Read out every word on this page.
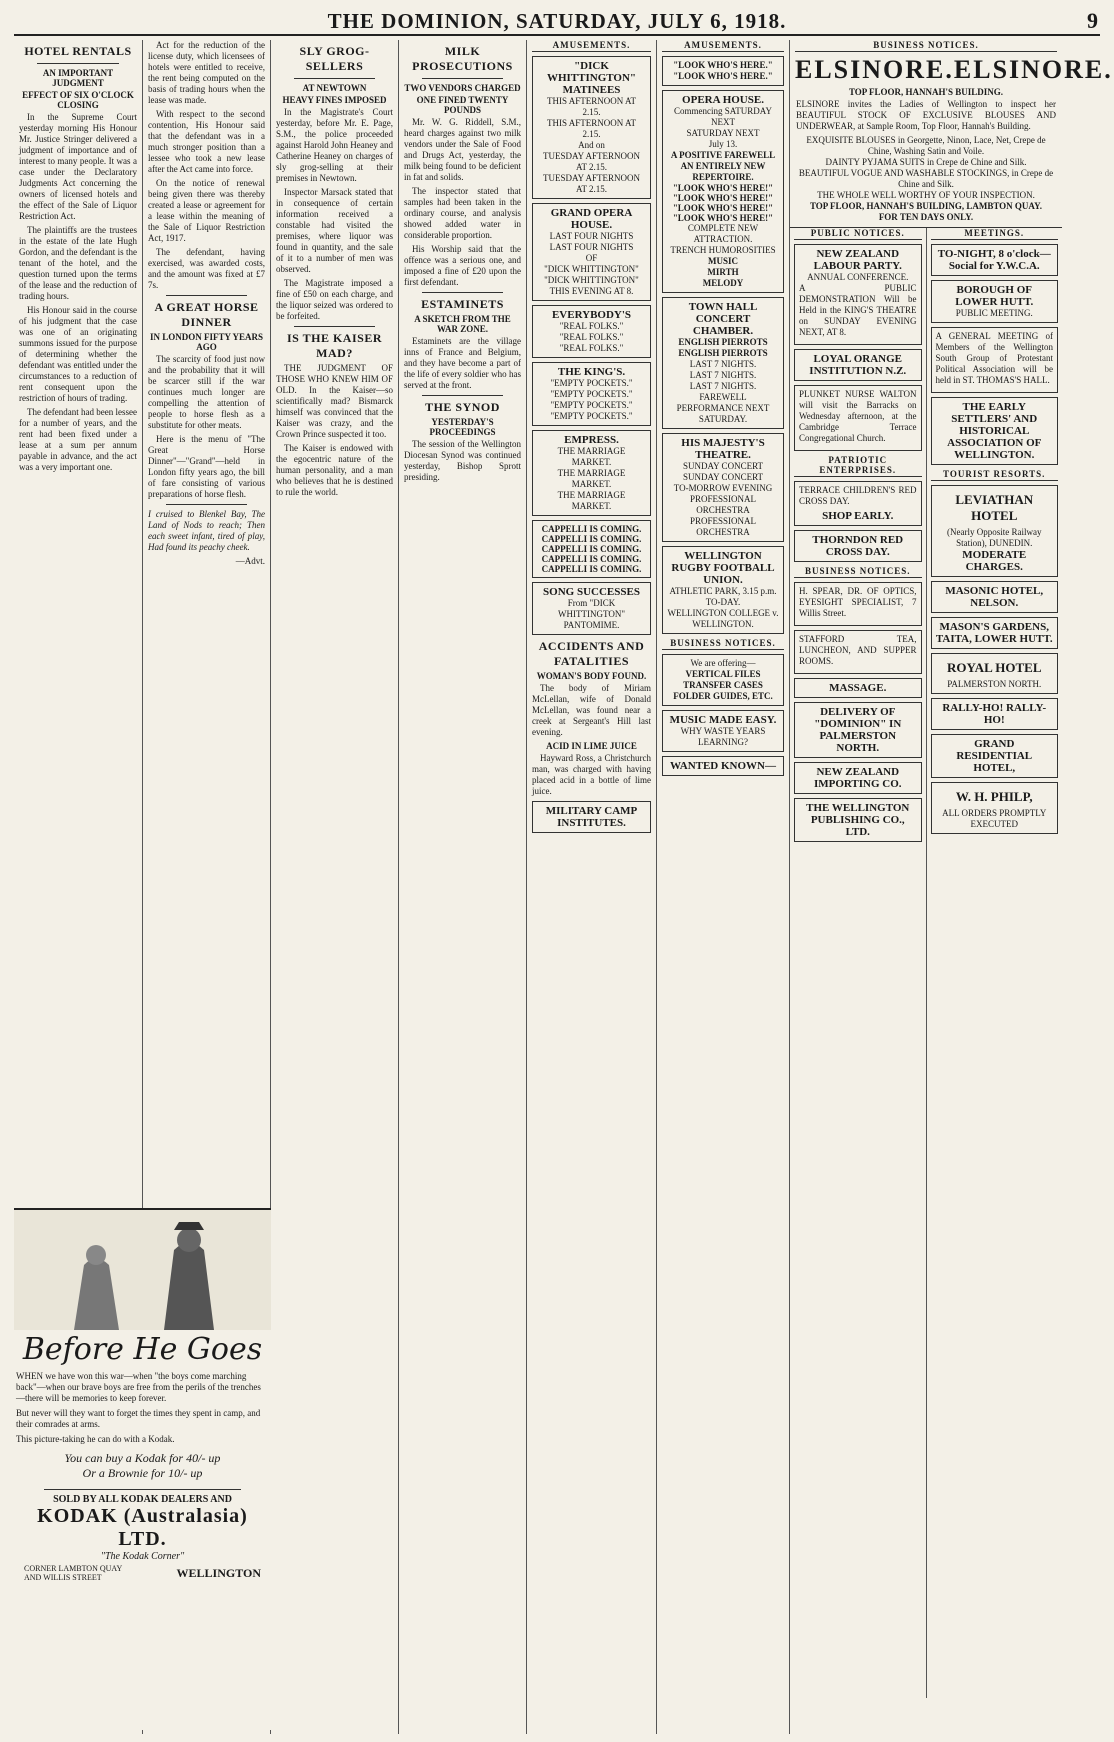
THE DOMINION, SATURDAY, JULY 6, 1918.	9
HOTEL RENTALS
AN IMPORTANT JUDGMENT
EFFECT OF SIX O'CLOCK CLOSING

In the Supreme Court yesterday morning His Honour Mr. Justice Stringer delivered a judgment of importance and of interest to many people. It was a case under the Declaratory Judgments Act concerning the owners of licensed hotels and the effect of the Sale of Liquor Restriction Act.

The plaintiffs are the trustees in the estate of the late Hugh Gordon, and the defendant is the tenant of the hotel, and the question turned upon the terms of the lease and the reduction of trading hours.

His Honour said in the course of his judgment that the case was one of an originating summons issued for the purpose of determining whether the defendant was entitled under the circumstances to a reduction of rent consequent upon the restriction of hours of trading.

The defendant had been lessee for a number of years, and the rent had been fixed under a lease at a sum per annum payable in advance, and the act was a very important one.

Act for the reduction of the license duty, which licensees of hotels were entitled to receive, the rent being computed on the basis of trading hours when the lease was made.

With respect to the second contention, His Honour said that the defendant was in a much stronger position than a lessee who took a new lease after the Act came into force.

On the notice of renewal being given there was thereby created a lease or agreement for a lease within the meaning of the Sale of Liquor Restriction Act, 1917.

The defendant, having exercised, was awarded costs, and the amount was fixed at £7 7s.

A GREAT HORSE DINNER
IN LONDON FIFTY YEARS AGO

The scarcity of food just now and the probability that it will be scarcer still if the war continues much longer are compelling the attention of people to horse flesh as a substitute for other meats.

Here is the menu of "The Great Horse Dinner"—"Grand"—held in London fifty years ago, the bill of fare consisting of various preparations of horse flesh.

I cruised to Blenkel Bay, The Land of Nods to reach; Then each sweet infant, tired of play, Had found its peachy cheek.

—Advt.

SLY GROG-SELLERS
AT NEWTOWN
HEAVY FINES IMPOSED

In the Magistrate's Court yesterday, before Mr. E. Page, S.M., the police proceeded against Harold John Heaney and Catherine Heaney on charges of sly grog-selling at their premises in Newtown.

Inspector Marsack stated that in consequence of certain information received a constable had visited the premises, where liquor was found in quantity, and the sale of it to a number of men was observed.

The Magistrate imposed a fine of £50 on each charge, and the liquor seized was ordered to be forfeited.

IS THE KAISER MAD?

THE JUDGMENT OF THOSE WHO KNEW HIM OF OLD. In the Kaiser—so scientifically mad? Bismarck himself was convinced that the Kaiser was crazy, and the Crown Prince suspected it too.

The Kaiser is endowed with the egocentric nature of the human personality, and a man who believes that he is destined to rule the world.

MILK PROSECUTIONS
TWO VENDORS CHARGED
ONE FINED TWENTY POUNDS

Mr. W. G. Riddell, S.M., heard charges against two milk vendors under the Sale of Food and Drugs Act, yesterday, the milk being found to be deficient in fat and solids.

The inspector stated that samples had been taken in the ordinary course, and analysis showed added water in considerable proportion.

His Worship said that the offence was a serious one, and imposed a fine of £20 upon the first defendant.

ESTAMINETS
A SKETCH FROM THE WAR ZONE.

Estaminets are the village inns of France and Belgium, and they have become a part of the life of every soldier who has served at the front.

THE SYNOD
YESTERDAY'S PROCEEDINGS

The session of the Wellington Diocesan Synod was continued yesterday, Bishop Sprott presiding.

AMUSEMENTS.
"DICK WHITTINGTON" MATINEES
THIS AFTERNOON AT 2.15.
THIS AFTERNOON AT 2.15.
And on
TUESDAY AFTERNOON AT 2.15.
TUESDAY AFTERNOON AT 2.15.
GRAND OPERA HOUSE.
LAST FOUR NIGHTS
LAST FOUR NIGHTS
OF
"DICK WHITTINGTON"
"DICK WHITTINGTON"
THIS EVENING AT 8.
EVERYBODY'S
"REAL FOLKS."
"REAL FOLKS."
"REAL FOLKS."
THE KING'S.
"EMPTY POCKETS."
"EMPTY POCKETS."
"EMPTY POCKETS."
"EMPTY POCKETS."
EMPRESS.
THE MARRIAGE MARKET.
THE MARRIAGE MARKET.
THE MARRIAGE MARKET.
CAPPELLI IS COMING.
CAPPELLI IS COMING.
CAPPELLI IS COMING.
CAPPELLI IS COMING.
CAPPELLI IS COMING.
SONG SUCCESSES
From "DICK WHITTINGTON" PANTOMIME.
ACCIDENTS AND FATALITIES
WOMAN'S BODY FOUND.

The body of Miriam McLellan, wife of Donald McLellan, was found near a creek at Sergeant's Hill last evening.

ACID IN LIME JUICE

Hayward Ross, a Christchurch man, was charged with having placed acid in a bottle of lime juice.

MILITARY CAMP INSTITUTES.
AMUSEMENTS.
"LOOK WHO'S HERE."
"LOOK WHO'S HERE."
OPERA HOUSE.
Commencing SATURDAY NEXT
SATURDAY NEXT
July 13.
A POSITIVE FAREWELL
AN ENTIRELY NEW REPERTOIRE.
"LOOK WHO'S HERE!"
"LOOK WHO'S HERE!"
"LOOK WHO'S HERE!"
"LOOK WHO'S HERE!"
COMPLETE NEW ATTRACTION.
TRENCH HUMOROSITIES
MUSIC
MIRTH
MELODY
TOWN HALL CONCERT CHAMBER.
ENGLISH PIERROTS
ENGLISH PIERROTS
LAST 7 NIGHTS.
LAST 7 NIGHTS.
LAST 7 NIGHTS.
FAREWELL PERFORMANCE NEXT SATURDAY.
HIS MAJESTY'S THEATRE.
SUNDAY CONCERT
SUNDAY CONCERT
TO-MORROW EVENING
PROFESSIONAL ORCHESTRA
PROFESSIONAL ORCHESTRA
WELLINGTON RUGBY FOOTBALL UNION.
ATHLETIC PARK, 3.15 p.m. TO-DAY.
WELLINGTON COLLEGE v. WELLINGTON.
BUSINESS NOTICES.
We are offering—
VERTICAL FILES
TRANSFER CASES
FOLDER GUIDES, ETC.
MUSIC MADE EASY.
WHY WASTE YEARS LEARNING?
WANTED KNOWN—
BUSINESS NOTICES.
ELSINORE. ELSINORE.
TOP FLOOR, HANNAH'S BUILDING.

ELSINORE invites the Ladies of Wellington to inspect her BEAUTIFUL STOCK OF EXCLUSIVE BLOUSES AND UNDERWEAR, at Sample Room, Top Floor, Hannah's Building.

EXQUISITE BLOUSES in Georgette, Ninon, Lace, Net, Crepe de Chine, Washing Satin and Voile.
DAINTY PYJAMA SUITS in Crepe de Chine and Silk.
BEAUTIFUL VOGUE AND WASHABLE STOCKINGS, in Crepe de Chine and Silk.
THE WHOLE WELL WORTHY OF YOUR INSPECTION.
TOP FLOOR, HANNAH'S BUILDING, LAMBTON QUAY.
FOR TEN DAYS ONLY.
PUBLIC NOTICES.
NEW ZEALAND LABOUR PARTY.
ANNUAL CONFERENCE.

A PUBLIC DEMONSTRATION Will be Held in the KING'S THEATRE on SUNDAY EVENING NEXT, AT 8.

LOYAL ORANGE INSTITUTION N.Z.

PLUNKET NURSE WALTON will visit the Barracks on Wednesday afternoon, at the Cambridge Terrace Congregational Church.

PATRIOTIC ENTERPRISES.

TERRACE CHILDREN'S RED CROSS DAY.

SHOP EARLY.
THORNDON RED CROSS DAY.
BUSINESS NOTICES.

H. SPEAR, DR. OF OPTICS, EYESIGHT SPECIALIST, 7 Willis Street.

STAFFORD TEA, LUNCHEON, AND SUPPER ROOMS.

MASSAGE.
DELIVERY OF "DOMINION" IN PALMERSTON NORTH.
NEW ZEALAND IMPORTING CO.
THE WELLINGTON PUBLISHING CO., LTD.
MEETINGS.
TO-NIGHT, 8 o'clock—Social for Y.W.C.A.
BOROUGH OF LOWER HUTT.
PUBLIC MEETING.

A GENERAL MEETING of Members of the Wellington South Group of Protestant Political Association will be held in ST. THOMAS'S HALL.

THE EARLY SETTLERS' AND HISTORICAL ASSOCIATION OF WELLINGTON.
TOURIST RESORTS.
LEVIATHAN HOTEL
(Nearly Opposite Railway Station), DUNEDIN.
MODERATE CHARGES.
MASONIC HOTEL, NELSON.
MASON'S GARDENS, TAITA, LOWER HUTT.
ROYAL HOTEL
PALMERSTON NORTH.
RALLY-HO! RALLY-HO!
GRAND RESIDENTIAL HOTEL,
W. H. PHILP,
ALL ORDERS PROMPTLY EXECUTED
Before He Goes

WHEN we have won this war—when "the boys come marching back"—when our brave boys are free from the perils of the trenches—there will be memories to keep forever.

But never will they want to forget the times they spent in camp, and their comrades at arms.

This picture-taking he can do with a Kodak.

You can buy a Kodak for 40/- up
Or a Brownie for 10/- up
SOLD BY ALL KODAK DEALERS AND
KODAK (Australasia) LTD.
"The Kodak Corner"
CORNER LAMBTON QUAY AND WILLIS STREET	WELLINGTON
